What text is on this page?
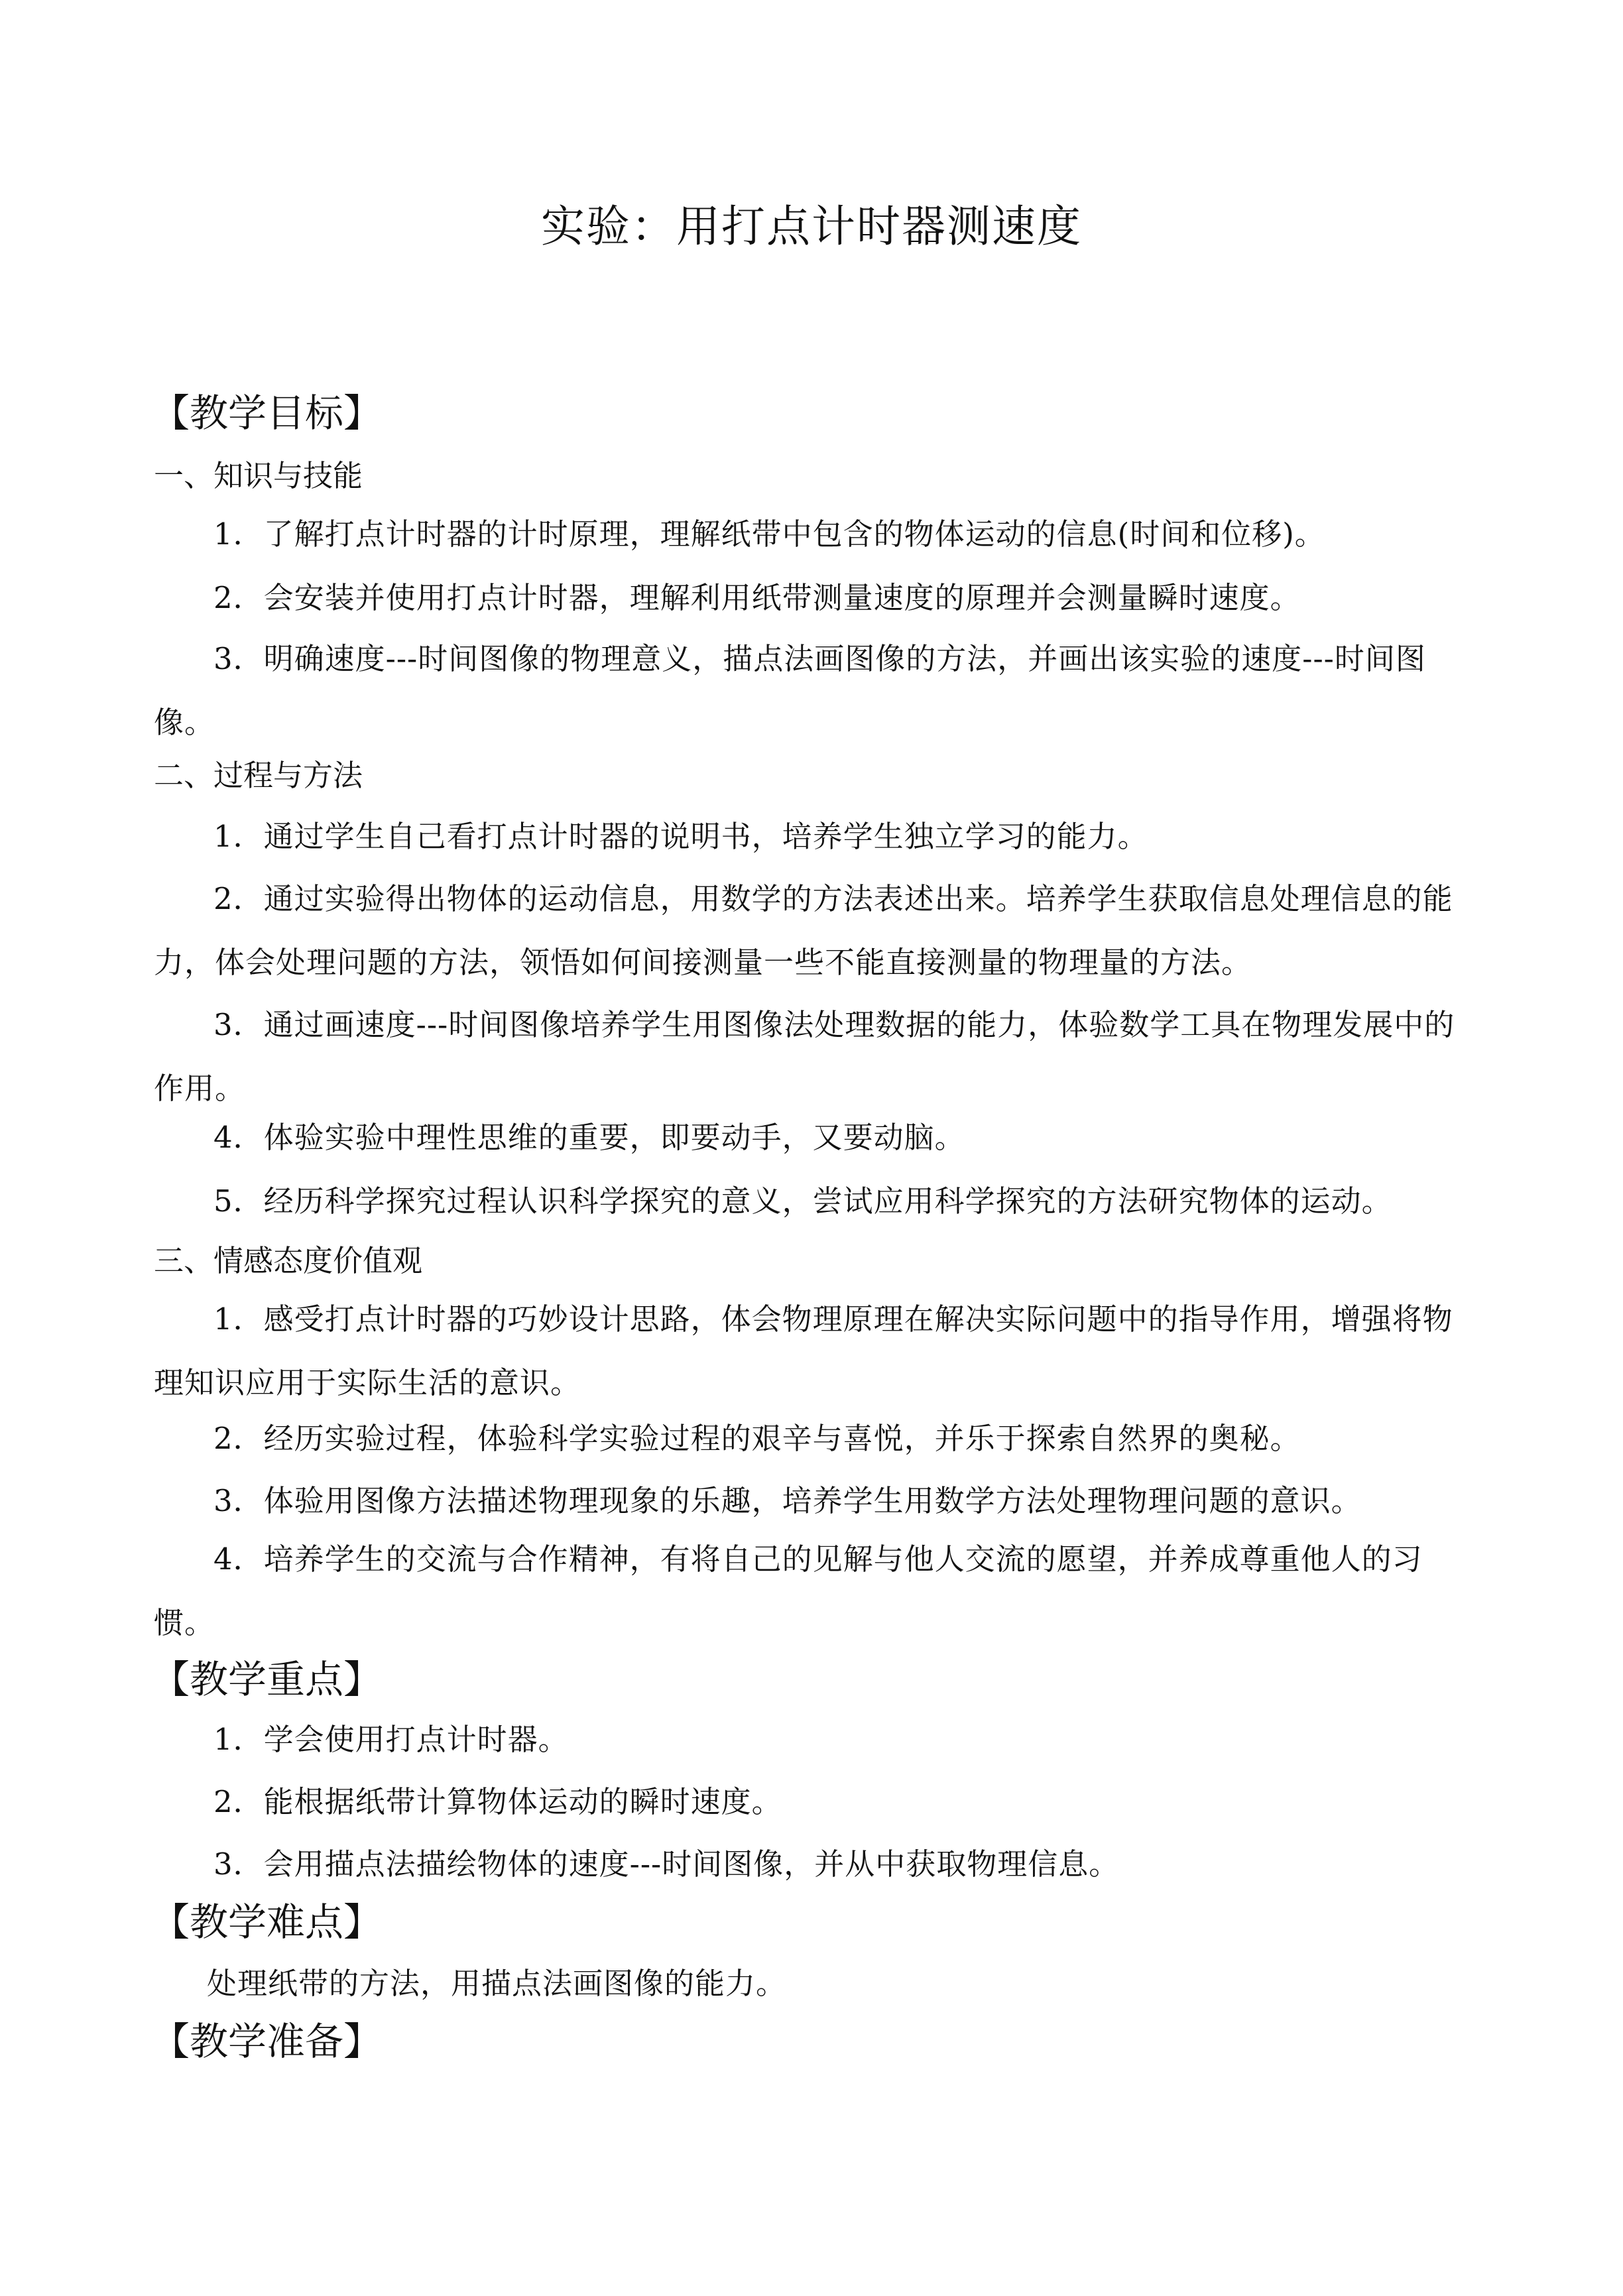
实验：用打点计时器测速度
【教学目标】
一、知识与技能
1．了解打点计时器的计时原理，理解纸带中包含的物体运动的信息(时间和位移)。
2．会安装并使用打点计时器，理解利用纸带测量速度的原理并会测量瞬时速度。
3．明确速度---时间图像的物理意义，描点法画图像的方法，并画出该实验的速度---时间图像。
二、过程与方法
1．通过学生自己看打点计时器的说明书，培养学生独立学习的能力。
2．通过实验得出物体的运动信息，用数学的方法表述出来。培养学生获取信息处理信息的能力，体会处理问题的方法，领悟如何间接测量一些不能直接测量的物理量的方法。
3．通过画速度---时间图像培养学生用图像法处理数据的能力，体验数学工具在物理发展中的作用。
4．体验实验中理性思维的重要，即要动手，又要动脑。
5．经历科学探究过程认识科学探究的意义，尝试应用科学探究的方法研究物体的运动。
三、情感态度价值观
1．感受打点计时器的巧妙设计思路，体会物理原理在解决实际问题中的指导作用，增强将物理知识应用于实际生活的意识。
2．经历实验过程，体验科学实验过程的艰辛与喜悦，并乐于探索自然界的奥秘。
3．体验用图像方法描述物理现象的乐趣，培养学生用数学方法处理物理问题的意识。
4．培养学生的交流与合作精神，有将自己的见解与他人交流的愿望，并养成尊重他人的习惯。
【教学重点】
1．学会使用打点计时器。
2．能根据纸带计算物体运动的瞬时速度。
3．会用描点法描绘物体的速度---时间图像，并从中获取物理信息。
【教学难点】
处理纸带的方法，用描点法画图像的能力。
【教学准备】
